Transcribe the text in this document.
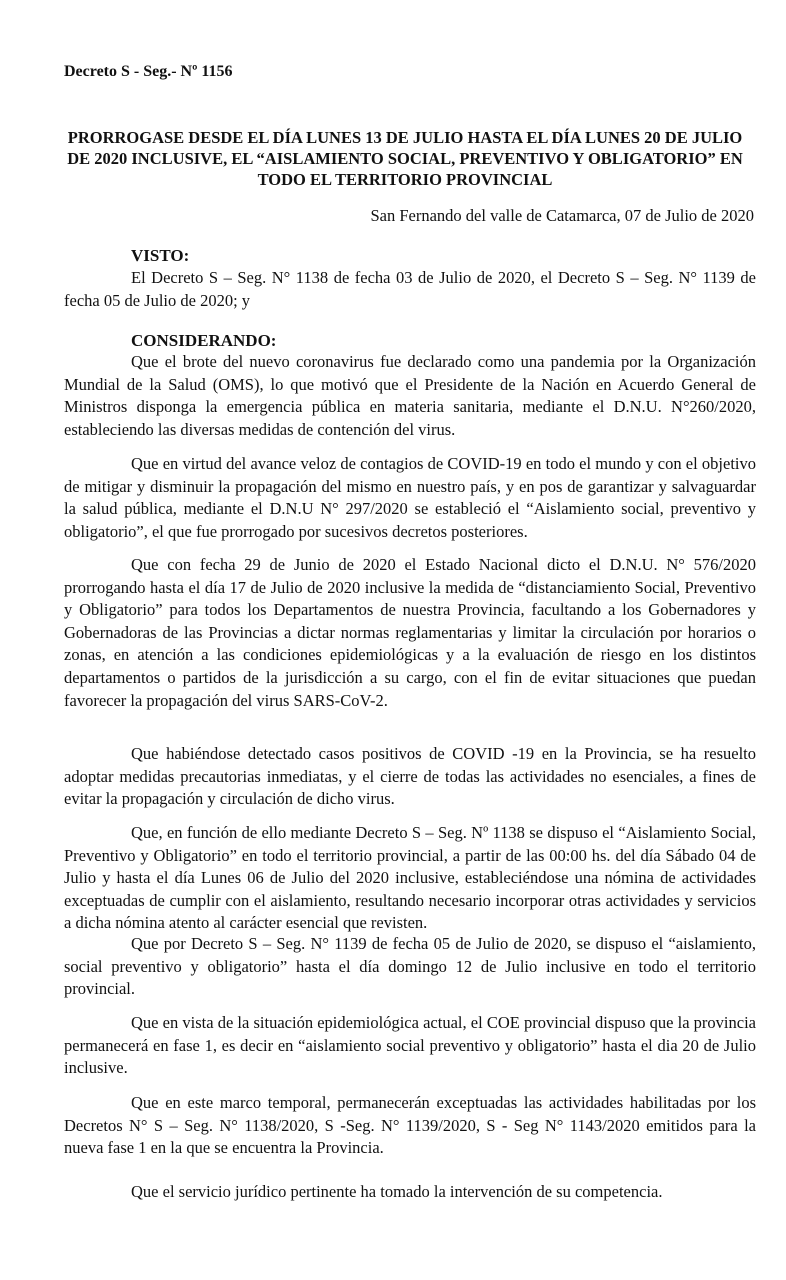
Decreto S - Seg.- Nº 1156
PRORROGASE DESDE EL DÍA LUNES 13 DE JULIO HASTA EL DÍA LUNES 20 DE JULIO DE 2020 INCLUSIVE, EL “AISLAMIENTO SOCIAL, PREVENTIVO Y OBLIGATORIO” EN TODO EL TERRITORIO PROVINCIAL
San Fernando del valle de Catamarca, 07 de Julio de 2020
VISTO:

El Decreto S – Seg. N° 1138 de fecha 03 de Julio de 2020, el Decreto S – Seg. N° 1139 de fecha 05 de Julio de 2020; y

CONSIDERANDO:

Que el brote del nuevo coronavirus fue declarado como una pandemia por la Organización Mundial de la Salud (OMS), lo que motivó que el Presidente de la Nación en Acuerdo General de Ministros disponga la emergencia pública en materia sanitaria, mediante el D.N.U. N°260/2020, estableciendo las diversas medidas de contención del virus.

Que en virtud del avance veloz de contagios de COVID-19 en todo el mundo y con el objetivo de mitigar y disminuir la propagación del mismo en nuestro país, y en pos de garantizar y salvaguardar la salud pública, mediante el D.N.U N° 297/2020 se estableció el “Aislamiento social, preventivo y obligatorio”, el que fue prorrogado por sucesivos decretos posteriores.

Que con fecha 29 de Junio de 2020 el Estado Nacional dicto el D.N.U. N° 576/2020 prorrogando hasta el día 17 de Julio de 2020 inclusive la medida de “distanciamiento Social, Preventivo y Obligatorio” para todos los Departamentos de nuestra Provincia, facultando a los Gobernadores y Gobernadoras de las Provincias a dictar normas reglamentarias y limitar la circulación por horarios o zonas, en atención a las condiciones epidemiológicas y a la evaluación de riesgo en los distintos departamentos o partidos de la jurisdicción a su cargo, con el fin de evitar situaciones que puedan favorecer la propagación del virus SARS-CoV-2.

Que habiéndose detectado casos positivos de COVID -19 en la Provincia, se ha resuelto adoptar medidas precautorias inmediatas, y el cierre de todas las actividades no esenciales, a fines de evitar la propagación y circulación de dicho virus.

Que, en función de ello mediante Decreto S – Seg. Nº 1138 se dispuso el “Aislamiento Social, Preventivo y Obligatorio” en todo el territorio provincial, a partir de las 00:00 hs. del día Sábado 04 de Julio y hasta el día Lunes 06 de Julio del 2020 inclusive, estableciéndose una nómina de actividades exceptuadas de cumplir con el aislamiento, resultando necesario incorporar otras actividades y servicios a dicha nómina atento al carácter esencial que revisten.

Que por Decreto S – Seg. N° 1139 de fecha 05 de Julio de 2020, se dispuso el “aislamiento, social preventivo y obligatorio” hasta el día domingo 12 de Julio inclusive en todo el territorio provincial.

Que en vista de la situación epidemiológica actual, el COE provincial dispuso que la provincia permanecerá en fase 1, es decir en “aislamiento social preventivo y obligatorio” hasta el dia 20 de Julio inclusive.

Que en este marco temporal, permanecerán exceptuadas las actividades habilitadas por los Decretos N° S – Seg. N° 1138/2020, S -Seg. N° 1139/2020, S - Seg N° 1143/2020 emitidos para la nueva fase 1 en la que se encuentra la Provincia.

Que el servicio jurídico pertinente ha tomado la intervención de su competencia.
